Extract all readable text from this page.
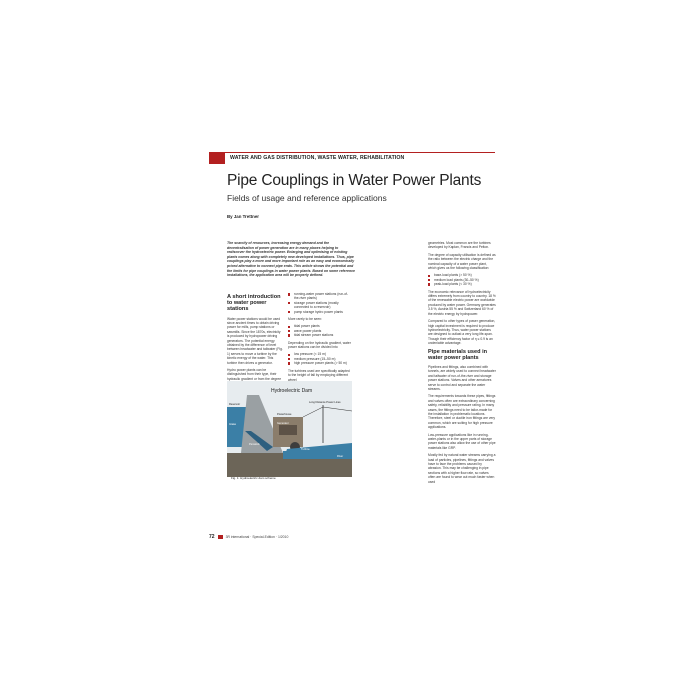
WATER AND GAS DISTRIBUTION, WASTE WATER, REHABILITATION
Pipe Couplings in Water Power Plants
Fields of usage and reference applications
By Jan Trettner
The scarcity of resources, increasing energy demand and the decentralisation of power generation are in many places helping to rediscover the hydroelectric power. Enlarging and optimising of existing plants comes along with completely new developed installations. Thus, pipe couplings play a more and more important role as an easy and economically priced alternative to connect pipe ends. This article shows the potential and the limits for pipe couplings in water power plants. Based on some reference installations, the application area will be properly defined.
A short introduction to water power stations

Water power stations would be used since ancient times to obtain driving power for mills, pump stations or sawmills. Since the 1870s, electricity is produced by hydropower driving generators. The potential energy obtained by the difference of level between headwater and tailwater (Fig. 1) serves to move a turbine by the kinetic energy of the water. This turbine then drives a generator.

Hydro power plants can be distinguished from their type, their hydraulic gradient or from the degree

running-water power stations (run-of-the-river plants)
storage power stations (mostly connected to a reservoir)
pump storage hydro power plants

More rarely to be seen:

tidal power plants
wave power plants
tidal stream power stations

Depending on the hydraulic gradient, water power stations can be divided into

low pressure (< 15 m)
medium pressure (15–50 m)
high pressure power plants (> 50 m)

The turbines used are specifically adapted to the height of fall by employing different wheel

geometries. Most common are the turbines developed by Kaplan, Francis and Pelton.

The degree of capacity utilisation is defined as the ratio between the electric charge and the nominal capacity of a water power plant, which gives us the following classification:

base-load plants (> 50 %)
medium load plants (30–50 %)
peak-load plants (< 30 %)

The economic relevance of hydroelectricity differs extremely from country to country. 18 % of the renewable electric power are worldwide produced by water power. Germany generates 3.5 %, Austria 55 % and Switzerland 60 % of the electric energy by hydropower.

Compared to other types of power generation, high capital investment is required to produce hydroelectricity. Thus, water power stations are designed to outlast a very long life-span. Though their efficiency factor of η ≤ 0.9 is an undeniable advantage.

Pipe materials used in water power plants

Pipelines and fittings, also combined with tunnels, are widely used to connect headwater and tailwater of run-of-the-river and storage power stations. Valves and other armatures serve to control and separate the water streams.

The requirements towards these pipes, fittings and valves often are extraordinary concerning safety, reliability and pressure rating. In many cases, the fittings need to be tailor-made for the installation in problematic locations. Therefore, steel or ductile iron fittings are very common, which are suiting for high pressure applications.

Low-pressure applications like in running-water-plants or in the upper parts of storage power stations also allow the use of other pipe materials like GRP.

Mostly fed by natural water streams carrying a load of particles, pipelines, fittings and valves have to face the problems caused by abrasion. This may be challenging in pipe sections with a higher flow rate, so valves often are found to wear out much faster when used

Hydroelectric Dam
Reservoir
Intake
Powerhouse
Generator
Penstock
Turbine
Long Distance Power Lines
River
Fig. 1: Hydroelectric dam scheme
72	3R international · Special-Edition · 1/2010
